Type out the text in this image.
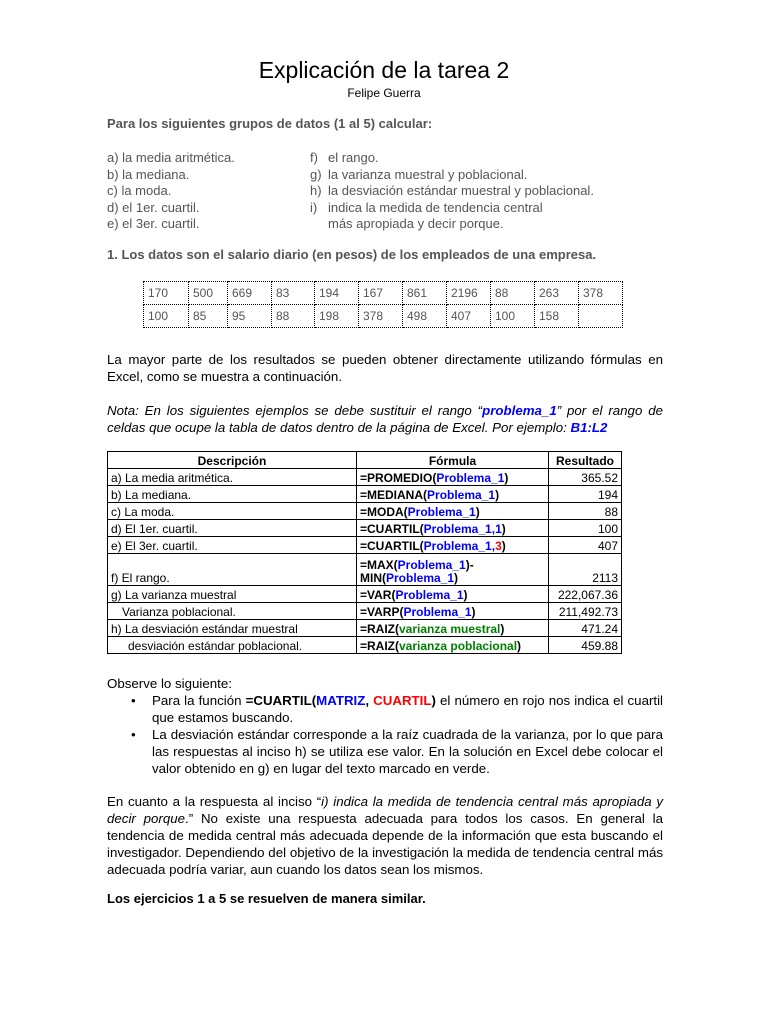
Explicación de la tarea 2
Felipe Guerra
Para los siguientes grupos de datos (1 al 5) calcular:
a) la media aritmética.
b) la mediana.
c) la moda.
d) el 1er. cuartil.
e) el 3er. cuartil.
f) el rango.
g) la varianza muestral y poblacional.
h) la desviación estándar muestral y poblacional.
i) indica la medida de tendencia central
más apropiada y decir porque.
1. Los datos son el salario diario (en pesos) de los empleados de una empresa.
170	500	669	83	194	167	861	2196	88	263	378
100	85	95	88	198	378	498	407	100	158	
La mayor parte de los resultados se pueden obtener directamente utilizando fórmulas en Excel, como se muestra a continuación.
Nota: En los siguientes ejemplos se debe sustituir el rango “problema_1” por el rango de celdas que ocupe la tabla de datos dentro de la página de Excel. Por ejemplo: B1:L2
Descripción	Fórmula	Resultado
a) La media aritmética.	=PROMEDIO(Problema_1)	365.52
b) La mediana.	=MEDIANA(Problema_1)	194
c) La moda.	=MODA(Problema_1)	88
d) El 1er. cuartil.	=CUARTIL(Problema_1,1)	100
e) El 3er. cuartil.	=CUARTIL(Problema_1,3)	407
f) El rango.	=MAX(Problema_1)-
MIN(Problema_1)	2113
g) La varianza muestral	=VAR(Problema_1)	222,067.36
Varianza poblacional.	=VARP(Problema_1)	211,492.73
h) La desviación estándar muestral	=RAIZ(varianza muestral)	471.24
desviación estándar poblacional.	=RAIZ(varianza poblacional)	459.88
Observe lo siguiente:
• Para la función =CUARTIL(MATRIZ, CUARTIL) el número en rojo nos indica el cuartil que estamos buscando.
• La desviación estándar corresponde a la raíz cuadrada de la varianza, por lo que para las respuestas al inciso h) se utiliza ese valor. En la solución en Excel debe colocar el valor obtenido en g) en lugar del texto marcado en verde.
En cuanto a la respuesta al inciso “i) indica la medida de tendencia central más apropiada y decir porque.” No existe una respuesta adecuada para todos los casos. En general la tendencia de medida central más adecuada depende de la información que esta buscando el investigador. Dependiendo del objetivo de la investigación la medida de tendencia central más adecuada podría variar, aun cuando los datos sean los mismos.
Los ejercicios 1 a 5 se resuelven de manera similar.
